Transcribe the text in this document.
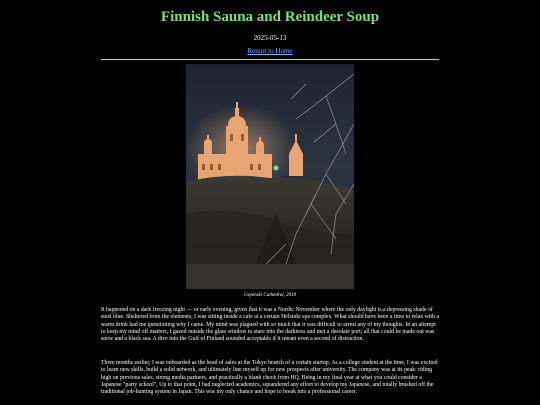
Finnish Sauna and Reindeer Soup
2025-05-13
Return to Home
Uspenski Cathedral, 2019

It happened on a dark freezing night — or early evening, given that it was a Nordic November where the only daylight is a depressing shade of steel blue. Sheltered from the elements, I was sitting inside a cafe at a certain Helsinki spa complex. What should have been a time to relax with a warm drink had me questioning why I came. My mind was plagued with so much that it was difficult to arrest any of my thoughts. In an attempt to keep my mind off matters, I gazed outside the glass window to stare into the darkness and met a desolate port; all that could be made out was snow and a black sea. A dive into the Gulf of Finland sounded acceptable if it meant even a second of distraction.

Three months earlier, I was onboarded as the head of sales at the Tokyo branch of a certain startup. As a college student at the time, I was excited to learn new skills, build a solid network, and ultimately line myself up for new prospects after university. The company was at its peak: riding high on previous sales, strong media partners, and practically a blank check from HQ. Being in my final year at what you could consider a Japanese "party school", Up to that point, I had neglected academics, squandered any effort to develop my Japanese, and totally brushed off the traditional job-hunting system in Japan. This was my only chance and hope to break into a professional career.
